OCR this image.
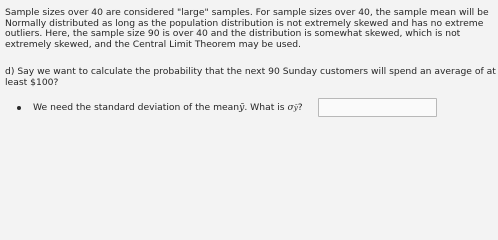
Sample sizes over 40 are considered "large" samples. For sample sizes over 40, the sample mean will be
Normally distributed as long as the population distribution is not extremely skewed and has no extreme
outliers. Here, the sample size 90 is over 40 and the distribution is somewhat skewed, which is not
extremely skewed, and the Central Limit Theorem may be used.
d) Say we want to calculate the probability that the next 90 Sunday customers will spend an average of at
least $100?
We need the standard deviation of the mean ȳ . What is σ ȳ ?
